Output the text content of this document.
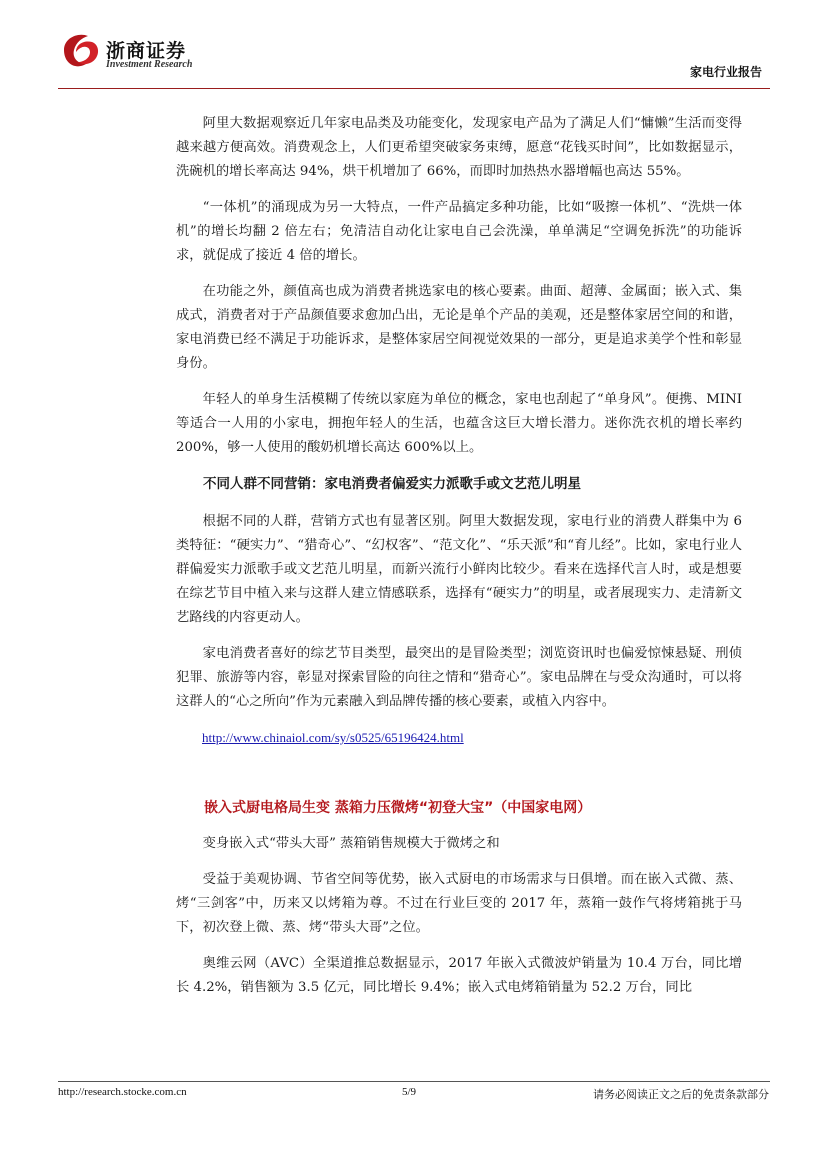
浙商证券
Investment Research
家电行业报告

阿里大数据观察近几年家电品类及功能变化，发现家电产品为了满足人们“慵懒”生活而变得越来越方便高效。消费观念上，人们更希望突破家务束缚，愿意“花钱买时间”，比如数据显示，洗碗机的增长率高达 94%，烘干机增加了 66%，而即时加热热水器增幅也高达 55%。

“一体机”的涌现成为另一大特点，一件产品搞定多种功能，比如“吸擦一体机”、“洗烘一体机”的增长均翻 2 倍左右；免清洁自动化让家电自己会洗澡，单单满足“空调免拆洗”的功能诉求，就促成了接近 4 倍的增长。

在功能之外，颜值高也成为消费者挑选家电的核心要素。曲面、超薄、金属面；嵌入式、集成式，消费者对于产品颜值要求愈加凸出，无论是单个产品的美观，还是整体家居空间的和谐，家电消费已经不满足于功能诉求，是整体家居空间视觉效果的一部分，更是追求美学个性和彰显身份。

年轻人的单身生活模糊了传统以家庭为单位的概念，家电也刮起了“单身风”。便携、MINI 等适合一人用的小家电，拥抱年轻人的生活，也蕴含这巨大增长潜力。迷你洗衣机的增长率约 200%，够一人使用的酸奶机增长高达 600%以上。

不同人群不同营销：家电消费者偏爱实力派歌手或文艺范儿明星

根据不同的人群，营销方式也有显著区别。阿里大数据发现，家电行业的消费人群集中为 6 类特征：“硬实力”、“猎奇心”、“幻权客”、“范文化”、“乐天派”和“育儿经”。比如，家电行业人群偏爱实力派歌手或文艺范儿明星，而新兴流行小鲜肉比较少。看来在选择代言人时，或是想要在综艺节目中植入来与这群人建立情感联系，选择有“硬实力”的明星，或者展现实力、走清新文艺路线的内容更动人。

家电消费者喜好的综艺节目类型，最突出的是冒险类型；浏览资讯时也偏爱惊悚悬疑、刑侦犯罪、旅游等内容，彰显对探索冒险的向往之情和“猎奇心”。家电品牌在与受众沟通时，可以将这群人的“心之所向”作为元素融入到品牌传播的核心要素，或植入内容中。

http://www.chinaiol.com/sy/s0525/65196424.html

嵌入式厨电格局生变 蒸箱力压微烤“初登大宝”（中国家电网）

变身嵌入式“带头大哥” 蒸箱销售规模大于微烤之和

受益于美观协调、节省空间等优势，嵌入式厨电的市场需求与日俱增。而在嵌入式微、蒸、烤“三剑客”中，历来又以烤箱为尊。不过在行业巨变的 2017 年，蒸箱一鼓作气将烤箱挑于马下，初次登上微、蒸、烤“带头大哥”之位。

奥维云网（AVC）全渠道推总数据显示，2017 年嵌入式微波炉销量为 10.4 万台，同比增长 4.2%，销售额为 3.5 亿元，同比增长 9.4%；嵌入式电烤箱销量为 52.2 万台，同比

http://research.stocke.com.cn	5/9	请务必阅读正文之后的免责条款部分
